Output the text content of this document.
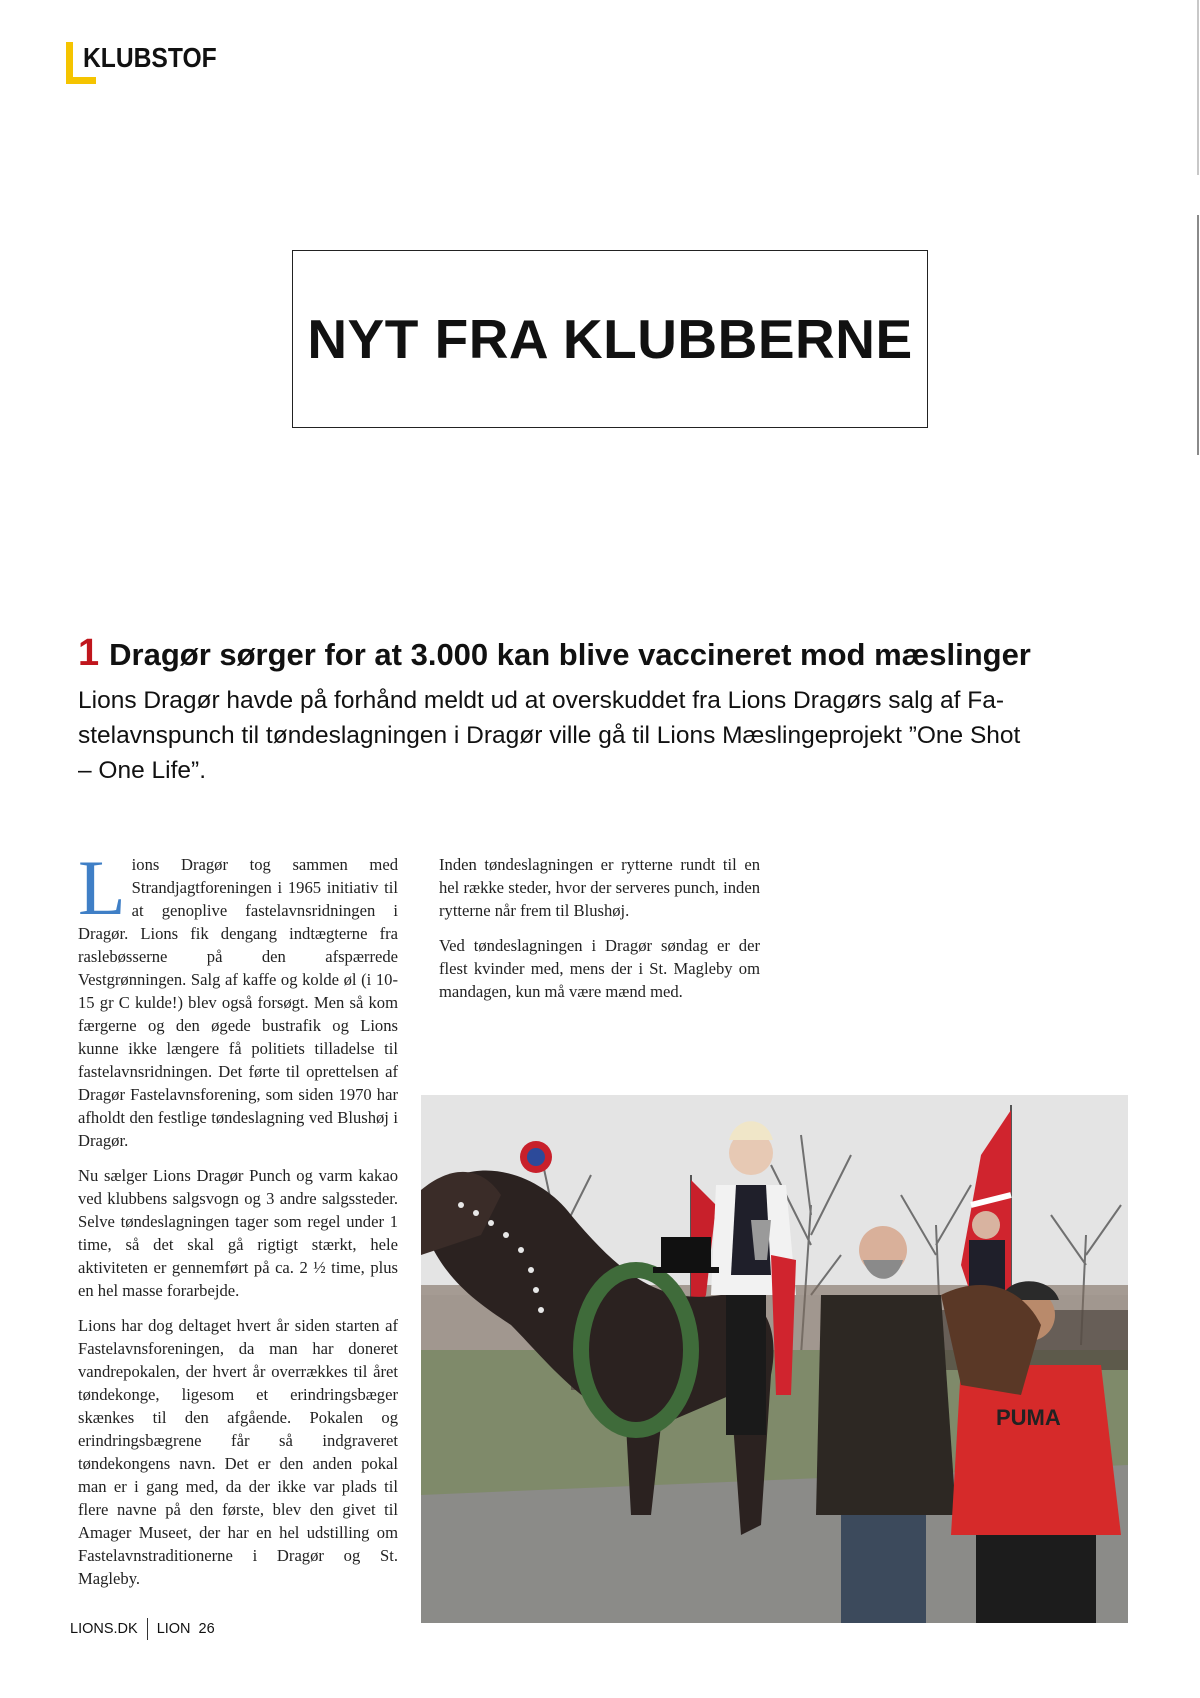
KLUBSTOF
NYT FRA KLUBBERNE
1 Dragør sørger for at 3.000 kan blive vaccineret mod mæslinger
Lions Dragør havde på forhånd meldt ud at overskuddet fra Lions Dragørs salg af Fa-stelavnspunch til tøndeslagningen i Dragør ville gå til Lions Mæslingeprojekt ”One Shot – One Life”.

Lions Dragør tog sammen med Strandjagtforeningen i 1965 initiativ til at genoplive fastelavnsridningen i Dragør. Lions fik dengang indtægterne fra raslebøsserne på den afspærrede Vestgrønningen. Salg af kaffe og kolde øl (i 10-15 gr C kulde!) blev også forsøgt. Men så kom færgerne og den øgede bustrafik og Lions kunne ikke længere få politiets tilladelse til fastelavnsridningen. Det førte til oprettelsen af Dragør Fastelavnsforening, som siden 1970 har afholdt den festlige tøndeslagning ved Blushøj i Dragør.

Nu sælger Lions Dragør Punch og varm kakao ved klubbens salgsvogn og 3 andre salgssteder. Selve tøndeslagningen tager som regel under 1 time, så det skal gå rigtigt stærkt, hele aktiviteten er gennemført på ca. 2 ½ time, plus en hel masse forarbejde.

Lions har dog deltaget hvert år siden starten af Fastelavnsforeningen, da man har doneret vandrepokalen, der hvert år overrækkes til året tøndekonge, ligesom et erindringsbæger skænkes til den afgående. Pokalen og erindringsbægrene får så indgraveret tøndekongens navn. Det er den anden pokal man er i gang med, da der ikke var plads til flere navne på den første, blev den givet til Amager Museet, der har en hel udstilling om Fastelavnstraditionerne i Dragør og St. Magleby.

Inden tøndeslagningen er rytterne rundt til en hel række steder, hvor der serveres punch, inden rytterne når frem til Blushøj.

Ved tøndeslagningen i Dragør søndag er der flest kvinder med, mens der i St. Magleby om mandagen, kun må være mænd med.

PUMA
LIONS.DK LION 26
